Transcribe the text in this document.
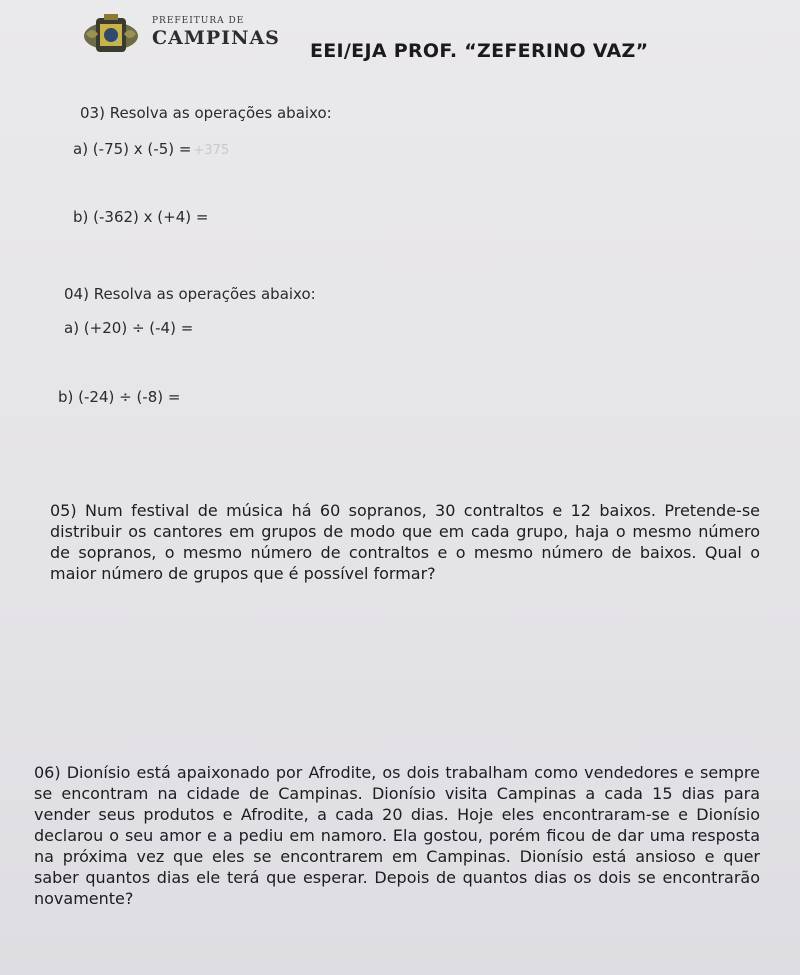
PREFEITURA DE
CAMPINAS
EEI/EJA PROF. “ZEFERINO VAZ”
03) Resolva as operações abaixo:
a) (-75) x (-5) = +375
b) (-362) x (+4) =
04) Resolva as operações abaixo:
a) (+20) ÷ (-4) =
b) (-24) ÷ (-8) =
05) Num festival de música há 60 sopranos, 30 contraltos e 12 baixos. Pretende-se distribuir os cantores em grupos de modo que em cada grupo, haja o mesmo número de sopranos, o mesmo número de contraltos e o mesmo número de baixos. Qual o maior número de grupos que é possível formar?
06) Dionísio está apaixonado por Afrodite, os dois trabalham como vendedores e sempre se encontram na cidade de Campinas. Dionísio visita Campinas a cada 15 dias para vender seus produtos e Afrodite, a cada 20 dias. Hoje eles encontraram-se e Dionísio declarou o seu amor e a pediu em namoro. Ela gostou, porém ficou de dar uma resposta na próxima vez que eles se encontrarem em Campinas. Dionísio está ansioso e quer saber quantos dias ele terá que esperar. Depois de quantos dias os dois se encontrarão novamente?
